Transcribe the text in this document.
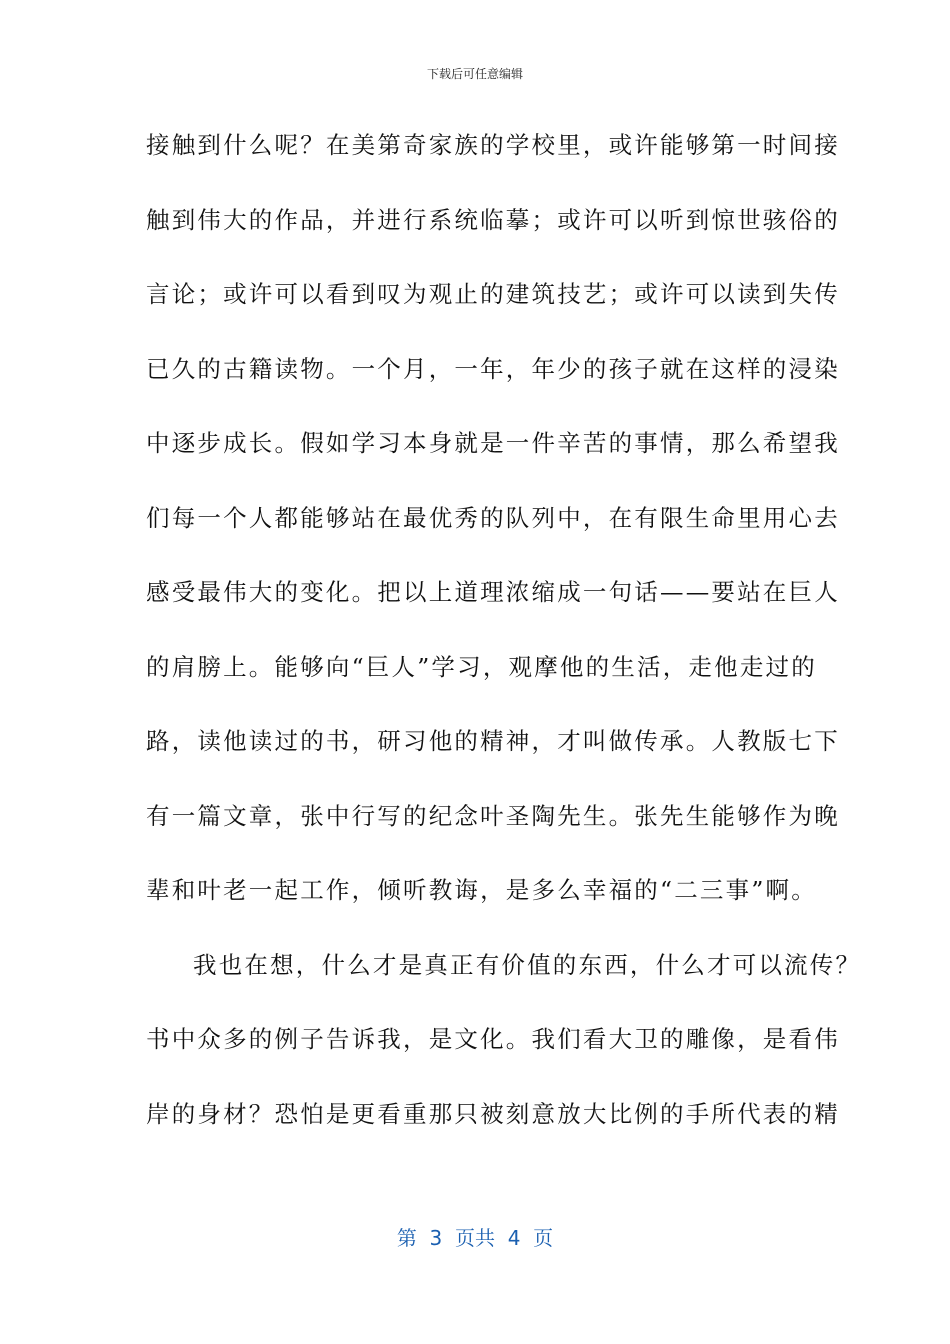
下载后可任意编辑
接触到什么呢？在美第奇家族的学校里，或许能够第一时间接
触到伟大的作品，并进行系统临摹；或许可以听到惊世骇俗的
言论；或许可以看到叹为观止的建筑技艺；或许可以读到失传
已久的古籍读物。一个月，一年，年少的孩子就在这样的浸染
中逐步成长。假如学习本身就是一件辛苦的事情，那么希望我
们每一个人都能够站在最优秀的队列中，在有限生命里用心去
感受最伟大的变化。把以上道理浓缩成一句话——要站在巨人
的肩膀上。能够向“巨人”学习，观摩他的生活，走他走过的
路，读他读过的书，研习他的精神，才叫做传承。人教版七下
有一篇文章，张中行写的纪念叶圣陶先生。张先生能够作为晚
辈和叶老一起工作，倾听教诲，是多么幸福的“二三事”啊。
我也在想，什么才是真正有价值的东西，什么才可以流传？
书中众多的例子告诉我，是文化。我们看大卫的雕像，是看伟
岸的身材？恐怕是更看重那只被刻意放大比例的手所代表的精
第  3  页共  4  页
